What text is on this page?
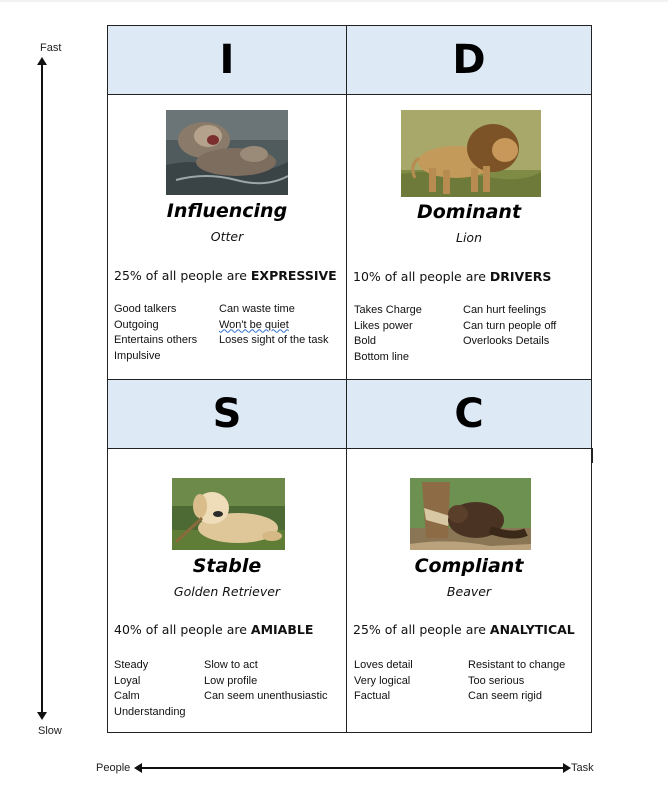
Fast
Slow
People	Task
I	D
Influencing
Otter
25% of all people are EXPRESSIVE
Good talkers
Outgoing
Entertains others
Impulsive
Can waste time
Won't be quiet
Loses sight of the task
Dominant
Lion
10% of all people are DRIVERS
Takes Charge
Likes power
Bold
Bottom line
Can hurt feelings
Can turn people off
Overlooks Details
S	C
Stable
Golden Retriever
40% of all people are AMIABLE
Steady
Loyal
Calm
Understanding
Slow to act
Low profile
Can seem unenthusiastic
Compliant
Beaver
25% of all people are ANALYTICAL
Loves detail
Very logical
Factual
Resistant to change
Too serious
Can seem rigid
